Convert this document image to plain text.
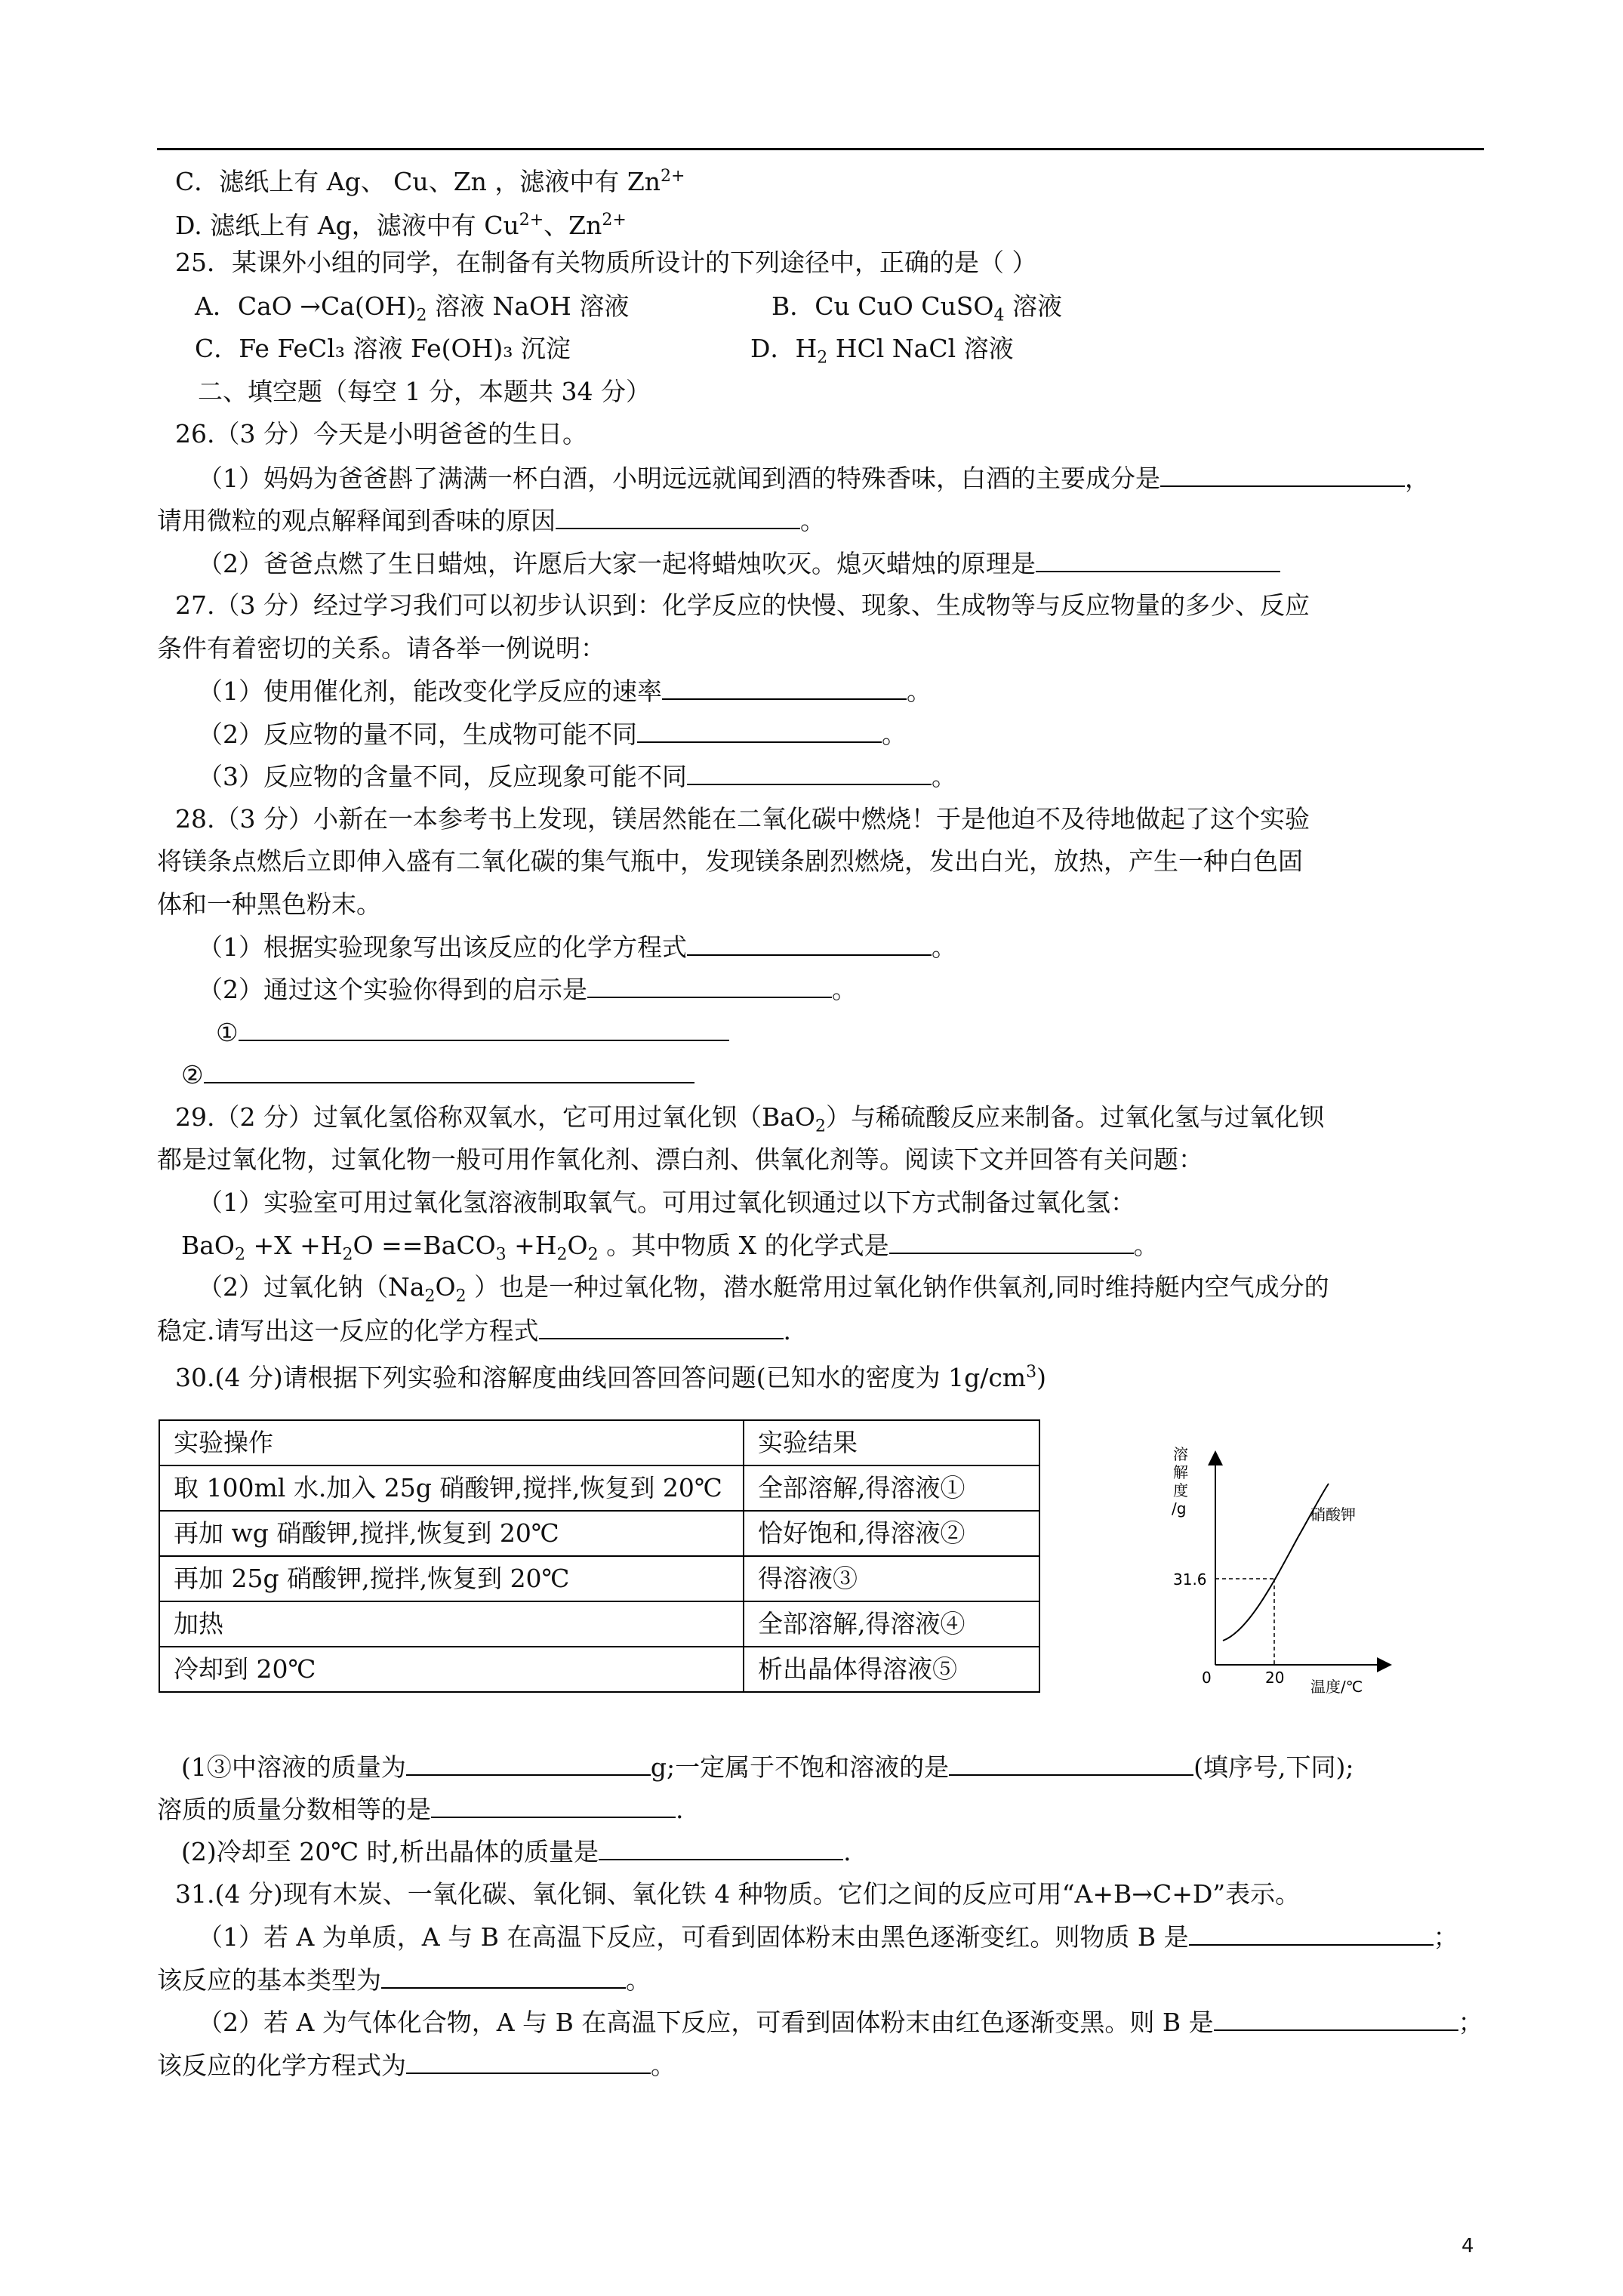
C．滤纸上有 Ag、 Cu、Zn ，滤液中有 $Zn^{2+}$
D. 滤纸上有 Ag，滤液中有 $Cu^{2+}$、$Zn^{2+}$
25．某课外小组的同学，在制备有关物质所设计的下列途径中，正确的是（ ）
A．CaO $\to Ca(OH)_2$ 溶液 NaOH 溶液	B．Cu CuO CuSO$_4$ 溶液
C．Fe FeCl₃ 溶液 Fe(OH)₃ 沉淀	D．$H_2$ HCl NaCl 溶液
二、填空题（每空 1 分，本题共 34 分）
26.（3 分）今天是小明爸爸的生日。
（1）妈妈为爸爸斟了满满一杯白酒，小明远远就闻到酒的特殊香味，白酒的主要成分是	，
请用微粒的观点解释闻到香味的原因	。
（2）爸爸点燃了生日蜡烛，许愿后大家一起将蜡烛吹灭。熄灭蜡烛的原理是
27.（3 分）经过学习我们可以初步认识到：化学反应的快慢、现象、生成物等与反应物量的多少、反应
条件有着密切的关系。请各举一例说明：
（1）使用催化剂，能改变化学反应的速率	。
（2）反应物的量不同，生成物可能不同	。
（3）反应物的含量不同，反应现象可能不同	。
28.（3 分）小新在一本参考书上发现，镁居然能在二氧化碳中燃烧！于是他迫不及待地做起了这个实验
将镁条点燃后立即伸入盛有二氧化碳的集气瓶中，发现镁条剧烈燃烧，发出白光，放热，产生一种白色固
体和一种黑色粉末。
（1）根据实验现象写出该反应的化学方程式	。
（2）通过这个实验你得到的启示是	。
①
②
29.（2 分）过氧化氢俗称双氧水，它可用过氧化钡（BaO$_2$）与稀硫酸反应来制备。过氧化氢与过氧化钡
都是过氧化物，过氧化物一般可用作氧化剂、漂白剂、供氧化剂等。阅读下文并回答有关问题：
（1）实验室可用过氧化氢溶液制取氧气。可用过氧化钡通过以下方式制备过氧化氢：
$BaO_2 +X +H_2O$ ==BaCO$_3$ $+H_2O_2$ 。其中物质 X 的化学式是	。
（2）过氧化钠（$Na_2O_2$ ）也是一种过氧化物，潜水艇常用过氧化钠作供氧剂,同时维持艇内空气成分的
稳定.请写出这一反应的化学方程式	.
30.(4 分)请根据下列实验和溶解度曲线回答回答问题(已知水的密度为 $1g/cm^3$)
实验操作	实验结果
取 100ml 水.加入 25g 硝酸钾,搅拌,恢复到 20℃	全部溶解,得溶液①
再加 wg 硝酸钾,搅拌,恢复到 20℃	恰好饱和,得溶液②
再加 25g 硝酸钾,搅拌,恢复到 20℃	得溶液③
加热	全部溶解,得溶液④
冷却到 20℃	析出晶体得溶液⑤
溶 解 度 /g	硝酸钾
31.6
0	20 温度/℃
(1③中溶液的质量为	g;一定属于不饱和溶液的是	(填序号,下同);
溶质的质量分数相等的是	.
(2)冷却至 20℃ 时,析出晶体的质量是	.
31.(4 分)现有木炭、一氧化碳、氧化铜、氧化铁 4 种物质。它们之间的反应可用“A+B→C+D”表示。
（1）若 A 为单质，A 与 B 在高温下反应，可看到固体粉末由黑色逐渐变红。则物质 B 是	；
该反应的基本类型为	。
（2）若 A 为气体化合物，A 与 B 在高温下反应，可看到固体粉末由红色逐渐变黑。则 B 是	；
该反应的化学方程式为	。
4
